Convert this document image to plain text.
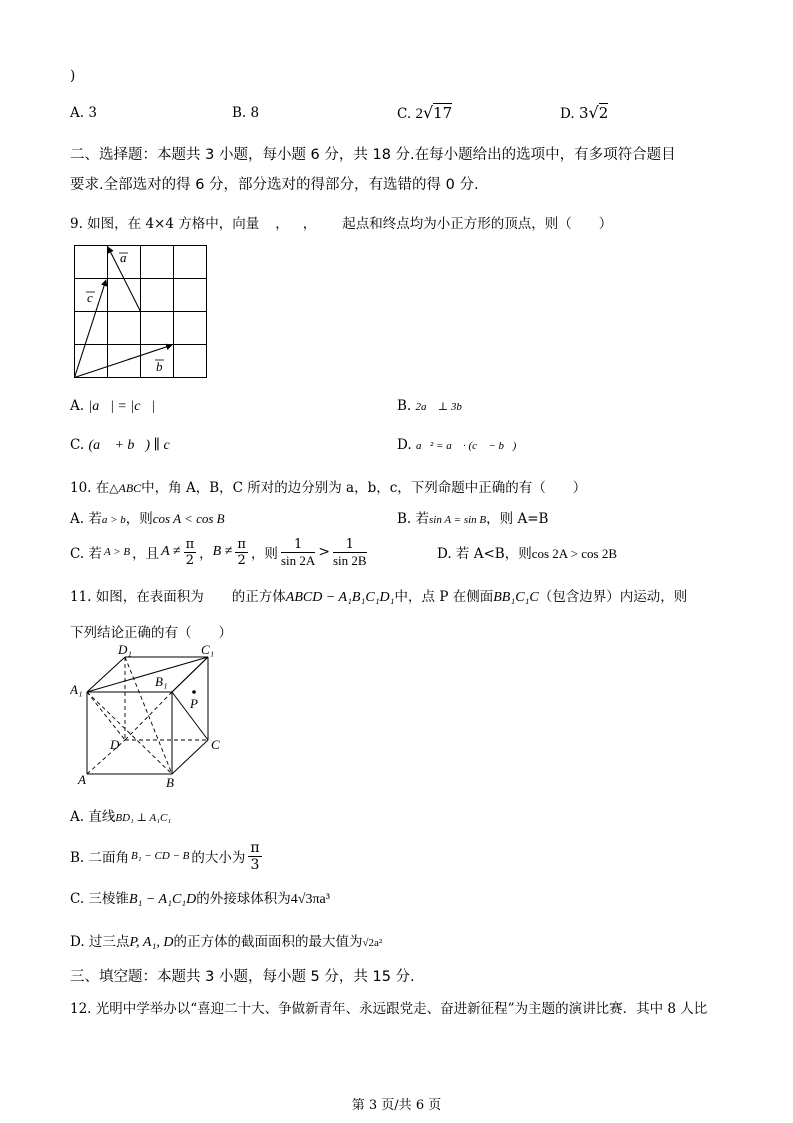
)
A. 3	B. 8	C. 2√17	D. 3√2
二、选择题：本题共 3 小题，每小题 6 分，共 18 分.在每小题给出的选项中，有多项符合题目
要求.全部选对的得 6 分，部分选对的得部分，有选错的得 0 分.
9. 如图，在 4×4 方格中，向量 ， ， 起点和终点均为小正方形的顶点，则（　　）
a
c
b
A. |a⃗| = |c⃗|	B. 2a⃗ ⊥ 3b⃗
C. (a⃗ + b⃗) ∥ c⃗	D. a⃗² = a⃗ · (c⃗ − b⃗)
10. 在△ABC中，角 A，B，C 所对的边分别为 a，b，c，下列命题中正确的有（　　）
A. 若a > b，则cos A < cos B	B. 若sin A = sin B，则 A=B
C. 若 A > B ，且 $A \ne \frac{\pi}{2}$ ， $B \ne \frac{\pi}{2}$ ，则 $\frac{1}{\sin 2A} > \frac{1}{\sin 2B}$	D. 若 A<B，则cos 2A > cos 2B
11. 如图，在表面积为 的正方体ABCD − A₁B₁C₁D₁中，点 P 在侧面BB₁C₁C（包含边界）内运动，则
下列结论正确的有（　　）
D₁	C₁
A₁
B₁
P
D	C
A	B
A. 直线BD₁ ⊥ A₁C₁
B. 二面角 B₁ − CD − B 的大小为 $\frac{\pi}{3}$
C. 三棱锥B₁ − A₁C₁D的外接球体积为4√3πa³
D. 过三点P, A₁, D的正方体的截面面积的最大值为√2a²
三、填空题：本题共 3 小题，每小题 5 分，共 15 分.
12. 光明中学举办以“喜迎二十大、争做新青年、永远跟党走、奋进新征程”为主题的演讲比赛．其中 8 人比
第 3 页/共 6 页
